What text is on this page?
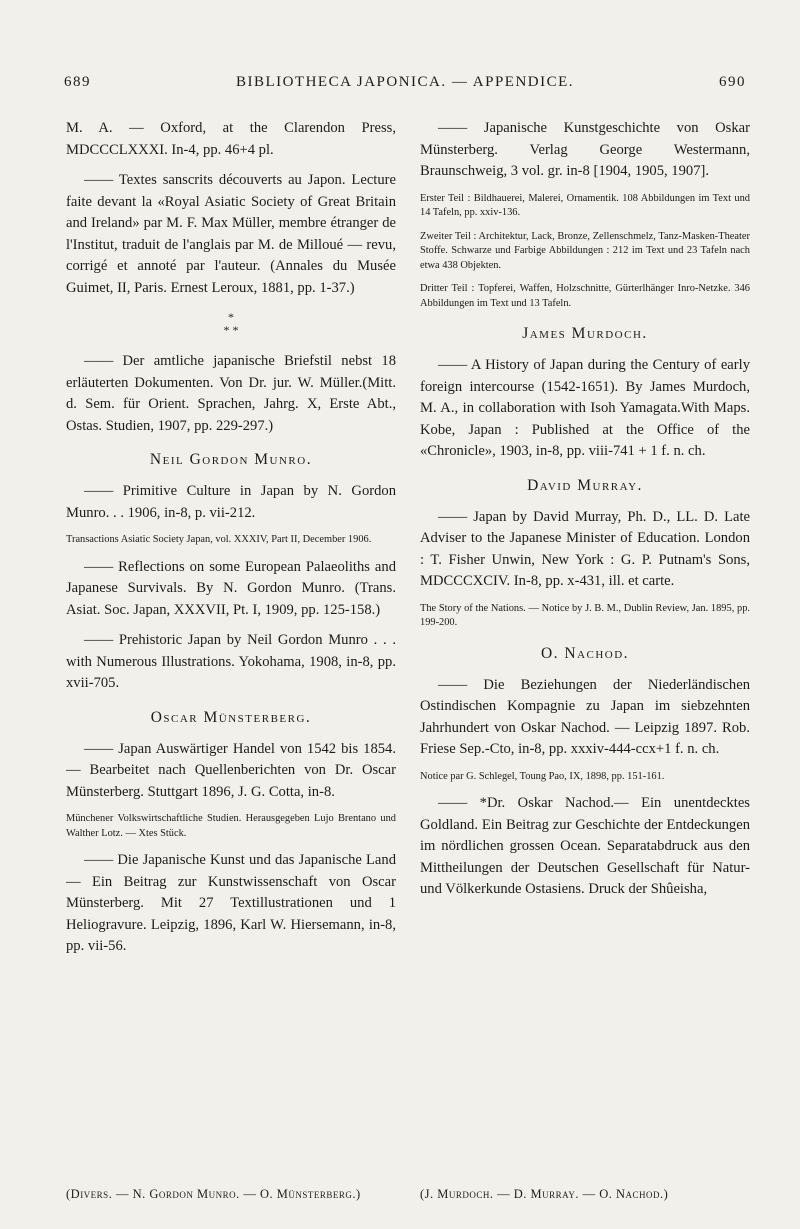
689	BIBLIOTHECA JAPONICA. — APPENDICE.	690

M. A. — Oxford, at the Clarendon Press, MDCCCLXXXI. In-4, pp. 46+4 pl.

—— Textes sanscrits découverts au Japon. Lecture faite devant la «Royal Asiatic Society of Great Britain and Ireland» par M. F. Max Müller, membre étranger de l'Institut, traduit de l'anglais par M. de Milloué — revu, corrigé et annoté par l'auteur. (Annales du Musée Guimet, II, Paris. Ernest Leroux, 1881, pp. 1-37.)

*
* *

—— Der amtliche japanische Briefstil nebst 18 erläuterten Dokumenten. Von Dr. jur. W. Müller.(Mitt. d. Sem. für Orient. Sprachen, Jahrg. X, Erste Abt., Ostas. Studien, 1907, pp. 229-297.)

Neil Gordon Munro.

—— Primitive Culture in Japan by N. Gordon Munro. . . 1906, in-8, p. vii-212.

Transactions Asiatic Society Japan, vol. XXXIV, Part II, December 1906.

—— Reflections on some European Palaeoliths and Japanese Survivals. By N. Gordon Munro. (Trans. Asiat. Soc. Japan, XXXVII, Pt. I, 1909, pp. 125-158.)

—— Prehistoric Japan by Neil Gordon Munro . . . with Numerous Illustrations. Yokohama, 1908, in-8, pp. xvii-705.

Oscar Münsterberg.

—— Japan Auswärtiger Handel von 1542 bis 1854. — Bearbeitet nach Quellenberichten von Dr. Oscar Münsterberg. Stuttgart 1896, J. G. Cotta, in-8.

Münchener Volkswirtschaftliche Studien. Herausgegeben Lujo Brentano und Walther Lotz. — Xtes Stück.

—— Die Japanische Kunst und das Japanische Land — Ein Beitrag zur Kunstwissenschaft von Oscar Münsterberg. Mit 27 Textillustrationen und 1 Heliogravure. Leipzig, 1896, Karl W. Hiersemann, in-8, pp. vii-56.

—— Japanische Kunstgeschichte von Oskar Münsterberg. Verlag George Westermann, Braunschweig, 3 vol. gr. in-8 [1904, 1905, 1907].

Erster Teil : Bildhauerei, Malerei, Ornamentik. 108 Abbildungen im Text und 14 Tafeln, pp. xxiv-136.

Zweiter Teil : Architektur, Lack, Bronze, Zellenschmelz, Tanz-Masken-Theater Stoffe. Schwarze und Farbige Abbildungen : 212 im Text und 23 Tafeln nach etwa 438 Objekten.

Dritter Teil : Topferei, Waffen, Holzschnitte, Gürterlhänger Inro-Netzke. 346 Abbildungen im Text und 13 Tafeln.

James Murdoch.

—— A History of Japan during the Century of early foreign intercourse (1542-1651). By James Murdoch, M. A., in collaboration with Isoh Yamagata.With Maps. Kobe, Japan : Published at the Office of the «Chronicle», 1903, in-8, pp. viii-741 + 1 f. n. ch.

David Murray.

—— Japan by David Murray, Ph. D., LL. D. Late Adviser to the Japanese Minister of Education. London : T. Fisher Unwin, New York : G. P. Putnam's Sons, MDCCCXCIV. In-8, pp. x-431, ill. et carte.

The Story of the Nations. — Notice by J. B. M., Dublin Review, Jan. 1895, pp. 199-200.

O. Nachod.

—— Die Beziehungen der Niederländischen Ostindischen Kompagnie zu Japan im siebzehnten Jahrhundert von Oskar Nachod. — Leipzig 1897. Rob. Friese Sep.-Cto, in-8, pp. xxxiv-444-ccx+1 f. n. ch.

Notice par G. Schlegel, Toung Pao, IX, 1898, pp. 151-161.

—— *Dr. Oskar Nachod.— Ein unentdecktes Goldland. Ein Beitrag zur Geschichte der Entdeckungen im nördlichen grossen Ocean. Separatabdruck aus den Mittheilungen der Deutschen Gesellschaft für Natur- und Völkerkunde Ostasiens. Druck der Shûeisha,

(Divers. — N. Gordon Munro. — O. Münsterberg.)	(J. Murdoch. — D. Murray. — O. Nachod.)
